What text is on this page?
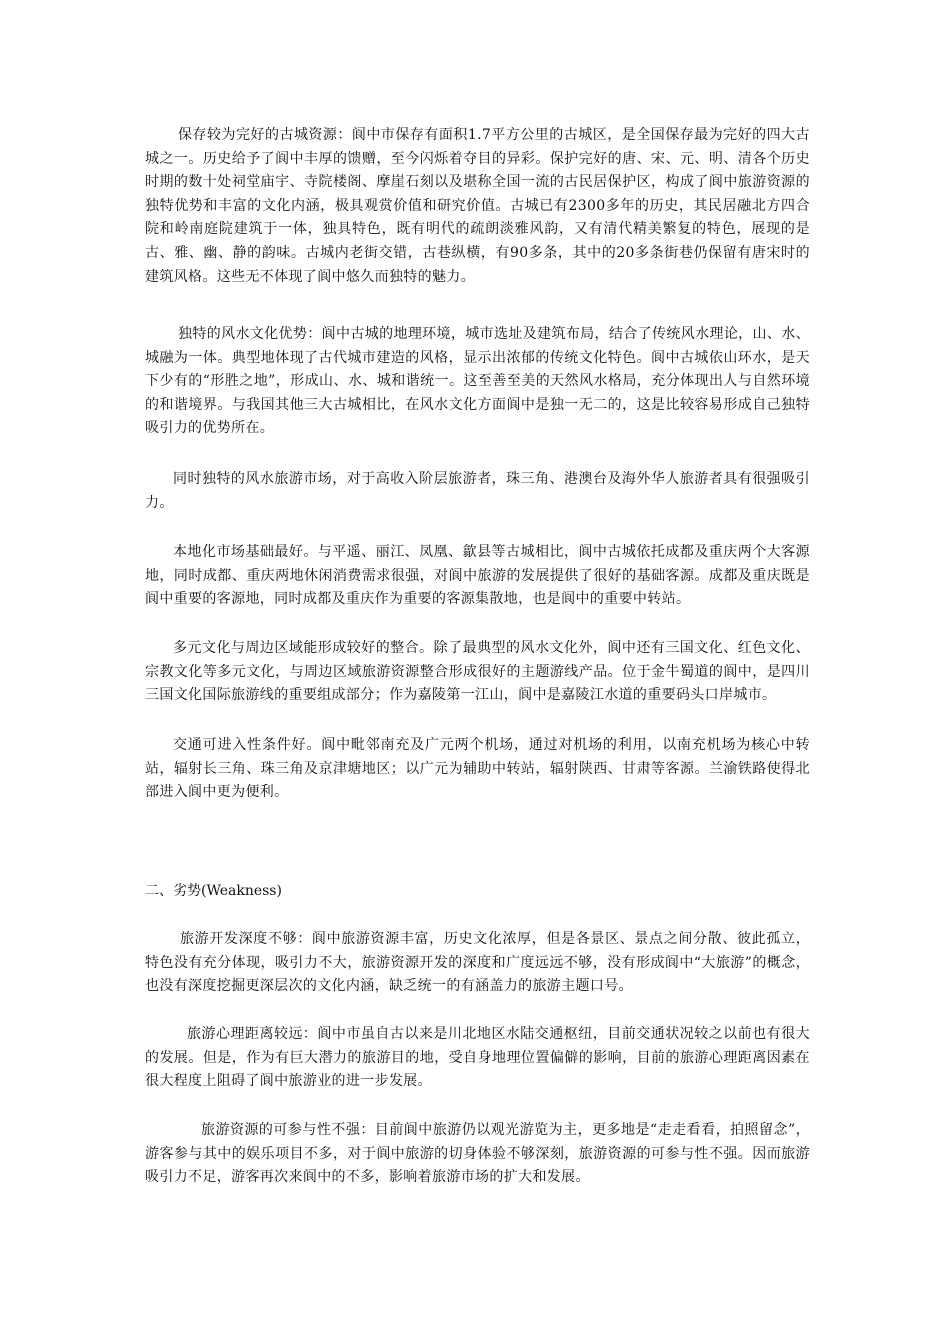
保存较为完好的古城资源：阆中市保存有面积1.7平方公里的古城区，是全国保存最为完好的四大古城之一。历史给予了阆中丰厚的馈赠，至今闪烁着夺目的异彩。保护完好的唐、宋、元、明、清各个历史时期的数十处祠堂庙宇、寺院楼阁、摩崖石刻以及堪称全国一流的古民居保护区，构成了阆中旅游资源的独特优势和丰富的文化内涵，极具观赏价值和研究价值。古城已有2300多年的历史，其民居融北方四合院和岭南庭院建筑于一体，独具特色，既有明代的疏朗淡雅风韵，又有清代精美繁复的特色，展现的是古、雅、幽、静的韵味。古城内老街交错，古巷纵横，有90多条，其中的20多条街巷仍保留有唐宋时的建筑风格。这些无不体现了阆中悠久而独特的魅力。

独特的风水文化优势：阆中古城的地理环境，城市选址及建筑布局，结合了传统风水理论，山、水、城融为一体。典型地体现了古代城市建造的风格，显示出浓郁的传统文化特色。阆中古城依山环水，是天下少有的“形胜之地”，形成山、水、城和谐统一。这至善至美的天然风水格局，充分体现出人与自然环境的和谐境界。与我国其他三大古城相比，在风水文化方面阆中是独一无二的，这是比较容易形成自己独特吸引力的优势所在。

同时独特的风水旅游市场，对于高收入阶层旅游者，珠三角、港澳台及海外华人旅游者具有很强吸引力。

本地化市场基础最好。与平遥、丽江、凤凰、歙县等古城相比，阆中古城依托成都及重庆两个大客源地，同时成都、重庆两地休闲消费需求很强，对阆中旅游的发展提供了很好的基础客源。成都及重庆既是阆中重要的客源地，同时成都及重庆作为重要的客源集散地，也是阆中的重要中转站。

多元文化与周边区域能形成较好的整合。除了最典型的风水文化外，阆中还有三国文化、红色文化、宗教文化等多元文化，与周边区域旅游资源整合形成很好的主题游线产品。位于金牛蜀道的阆中，是四川三国文化国际旅游线的重要组成部分；作为嘉陵第一江山，阆中是嘉陵江水道的重要码头口岸城市。

交通可进入性条件好。阆中毗邻南充及广元两个机场，通过对机场的利用，以南充机场为核心中转站，辐射长三角、珠三角及京津塘地区；以广元为辅助中转站，辐射陕西、甘肃等客源。兰渝铁路使得北部进入阆中更为便利。

二、劣势(Weakness)

旅游开发深度不够：阆中旅游资源丰富，历史文化浓厚，但是各景区、景点之间分散、彼此孤立，特色没有充分体现，吸引力不大，旅游资源开发的深度和广度远远不够，没有形成阆中“大旅游”的概念，也没有深度挖掘更深层次的文化内涵，缺乏统一的有涵盖力的旅游主题口号。

旅游心理距离较远：阆中市虽自古以来是川北地区水陆交通枢纽，目前交通状况较之以前也有很大的发展。但是，作为有巨大潜力的旅游目的地，受自身地理位置偏僻的影响，目前的旅游心理距离因素在很大程度上阻碍了阆中旅游业的进一步发展。

旅游资源的可参与性不强：目前阆中旅游仍以观光游览为主，更多地是“走走看看，拍照留念”，游客参与其中的娱乐项目不多，对于阆中旅游的切身体验不够深刻，旅游资源的可参与性不强。因而旅游吸引力不足，游客再次来阆中的不多，影响着旅游市场的扩大和发展。
